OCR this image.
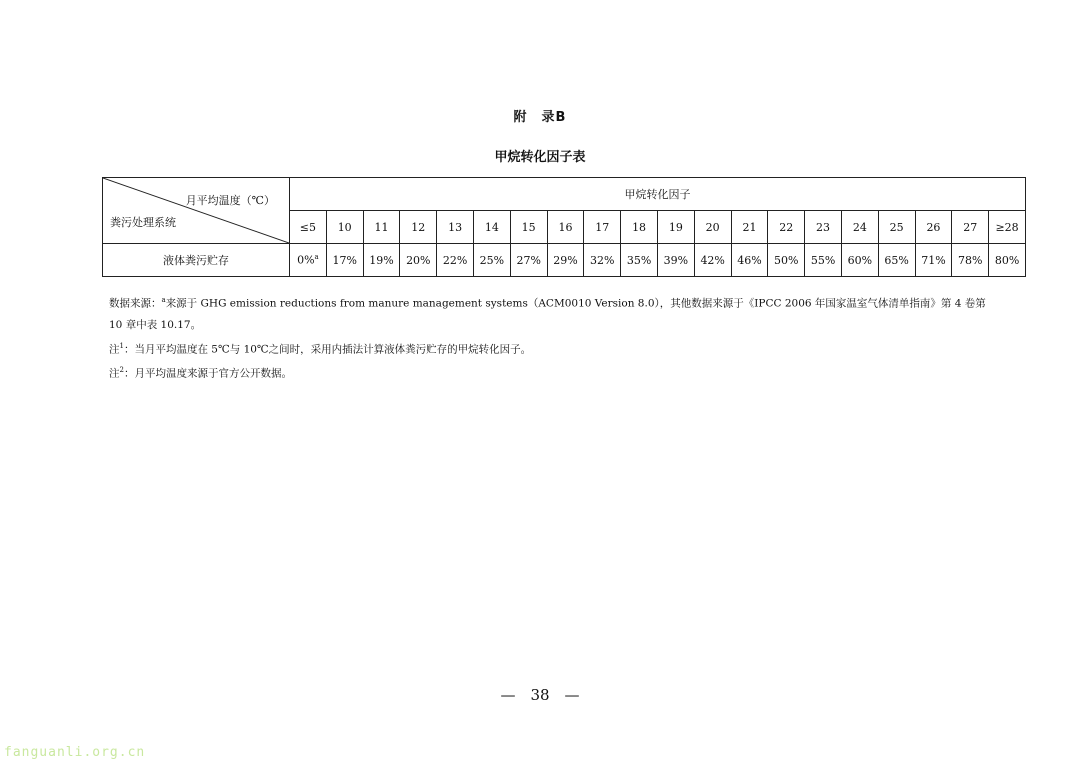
附　录B
甲烷转化因子表
月平均温度（℃）
粪污处理系统	甲烷转化因子																			
	≤5	10	11	12	13	14	15	16	17	18	19	20	21	22	23	24	25	26	27	≥28
液体粪污贮存	0%$^a$	17%	19%	20%	22%	25%	27%	29%	32%	35%	39%	42%	46%	50%	55%	60%	65%	71%	78%	80%

数据来源：$^a$来源于 GHG emission reductions from manure management systems（ACM0010 Version 8.0），其他数据来源于《IPCC 2006 年国家温室气体清单指南》第 4 卷第

10 章中表 10.17。

注$^1$：当月平均温度在 5℃与 10℃之间时，采用内插法计算液体粪污贮存的甲烷转化因子。

注$^2$：月平均温度来源于官方公开数据。

—　38　—
fanguanli.org.cn
